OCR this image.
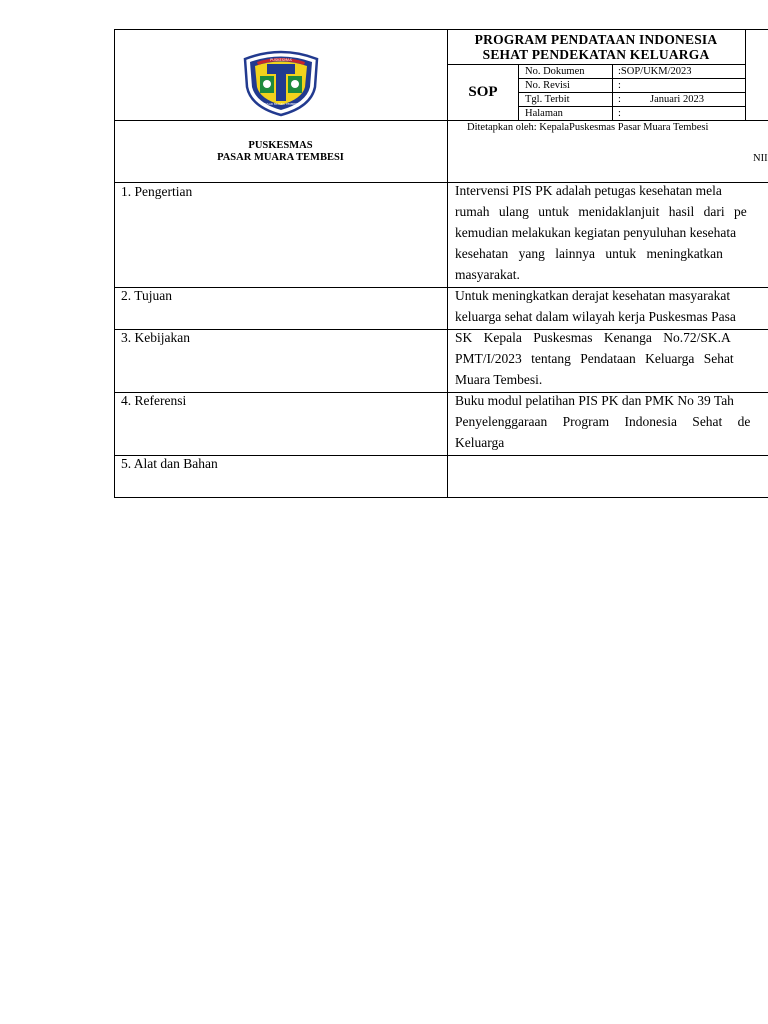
PUSKESMAS
PASAR MUARA TEMBESI
PROGRAM PENDATAAN INDONESIA
SEHAT PENDEKATAN KELUARGA
SOP
No. Dokumen	:SOP/UKM/2023
No. Revisi	:
Tgl. Terbit	:	Januari 2023
Halaman	:
PUSKESMAS
PASAR MUARA TEMBESI
Ditetapkan oleh: KepalaPuskesmas Pasar Muara Tembesi
NII
1. Pengertian	Intervensi PIS PK adalah petugas kesehatan mela
rumah ulang untuk menidaklanjuit hasil dari pe
kemudian melakukan kegiatan penyuluhan kesehata
kesehatan yang lainnya untuk meningkatkan
masyarakat.
2. Tujuan	Untuk meningkatkan derajat kesehatan masyarakat
keluarga sehat dalam wilayah kerja Puskesmas Pasa
3. Kebijakan	SK Kepala Puskesmas Kenanga No.72/SK.A
PMT/I/2023 tentang Pendataan Keluarga Sehat
Muara Tembesi.
4. Referensi	Buku modul pelatihan PIS PK dan PMK No 39 Tah
Penyelenggaraan Program Indonesia Sehat de
Keluarga
5. Alat dan Bahan
